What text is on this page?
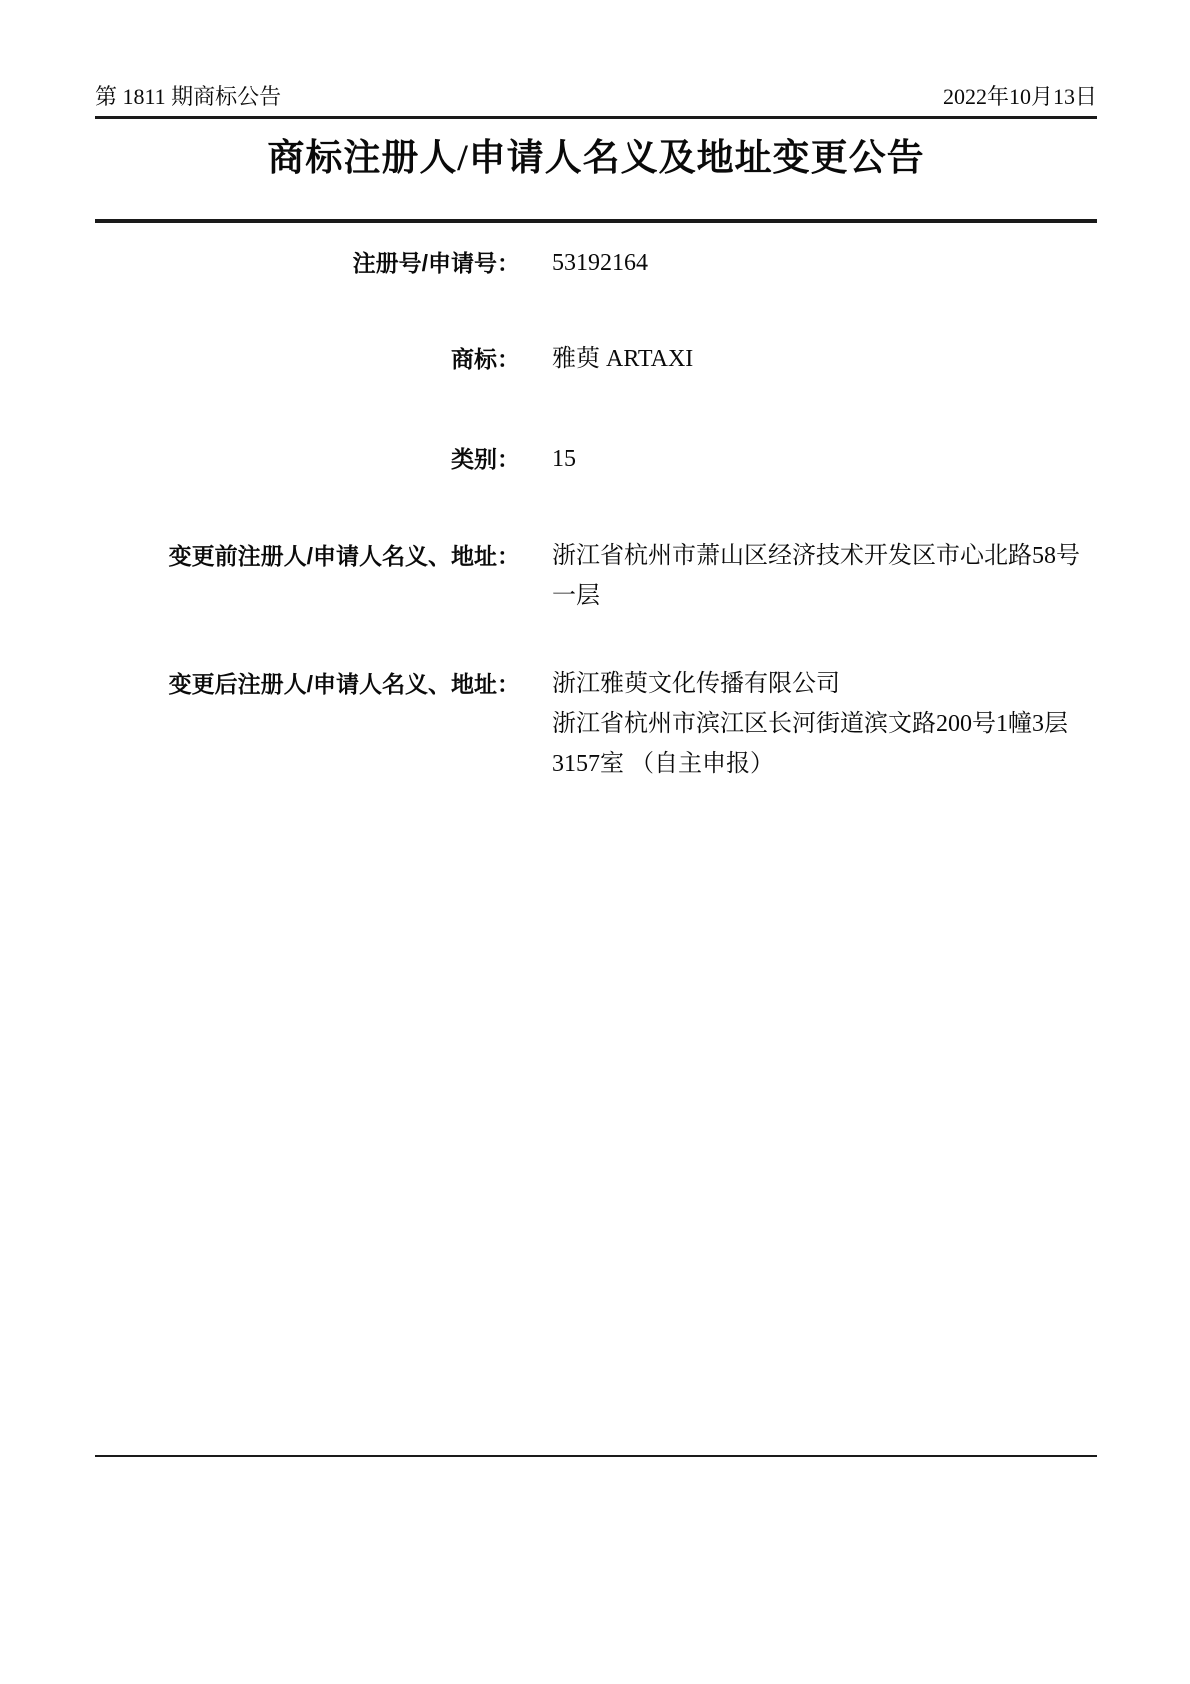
第 1811 期商标公告	2022年10月13日
商标注册人/申请人名义及地址变更公告
注册号/申请号： 53192164
商标： 雅萸 ARTAXI
类别： 15
变更前注册人/申请人名义、地址： 浙江省杭州市萧山区经济技术开发区市心北路58号
一层
变更后注册人/申请人名义、地址： 浙江雅萸文化传播有限公司
浙江省杭州市滨江区长河街道滨文路200号1幢3层
3157室 （自主申报）
